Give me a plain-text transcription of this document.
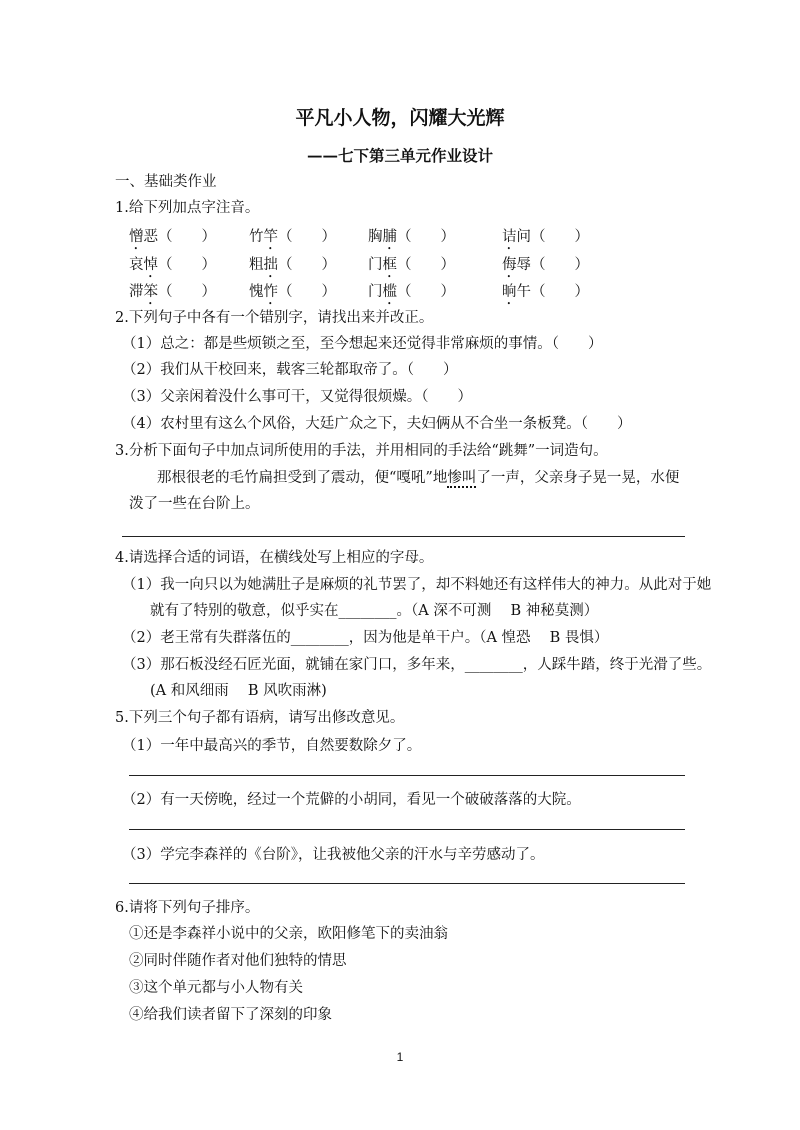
平凡小人物，闪耀大光辉
——七下第三单元作业设计
一、基础类作业
1.给下列加点字注音。
憎恶（　　） 竹竿（　　） 胸脯（　　）	诘问（　　）
哀悼（　　） 粗拙（　　） 门框（　　）	侮辱（　　）
滞笨（　　） 愧怍（　　） 门槛（　　）	晌午（　　）
2.下列句子中各有一个错别字，请找出来并改正。
（1）总之：都是些烦锁之至，至今想起来还觉得非常麻烦的事情。（　　）
（2）我们从干校回来，载客三轮都取帝了。（　　）
（3）父亲闲着没什么事可干，又觉得很烦燥。（　　）
（4）农村里有这么个风俗，大廷广众之下，夫妇俩从不合坐一条板凳。（　　）
3.分析下面句子中加点词所使用的手法，并用相同的手法给“跳舞”一词造句。
那根很老的毛竹扁担受到了震动，便“嘎吼”地惨叫了一声，父亲身子晃一晃，水便
泼了一些在台阶上。
4.请选择合适的词语，在横线处写上相应的字母。
（1）我一向只以为她满肚子是麻烦的礼节罢了，却不料她还有这样伟大的神力。从此对于她
就有了特别的敬意，似乎实在________。（A 深不可测　 B 神秘莫测）
（2）老王常有失群落伍的________，因为他是单干户。（A 惶恐　 B 畏惧）
（3）那石板没经石匠光面，就铺在家门口，多年来，________，人踩牛踏，终于光滑了些。
(A 和风细雨　 B 风吹雨淋)
5.下列三个句子都有语病，请写出修改意见。
（1）一年中最高兴的季节，自然要数除夕了。
（2）有一天傍晚，经过一个荒僻的小胡同，看见一个破破落落的大院。
（3）学完李森祥的《台阶》，让我被他父亲的汗水与辛劳感动了。
6.请将下列句子排序。
①还是李森祥小说中的父亲，欧阳修笔下的卖油翁
②同时伴随作者对他们独特的情思
③这个单元都与小人物有关
④给我们读者留下了深刻的印象
1
